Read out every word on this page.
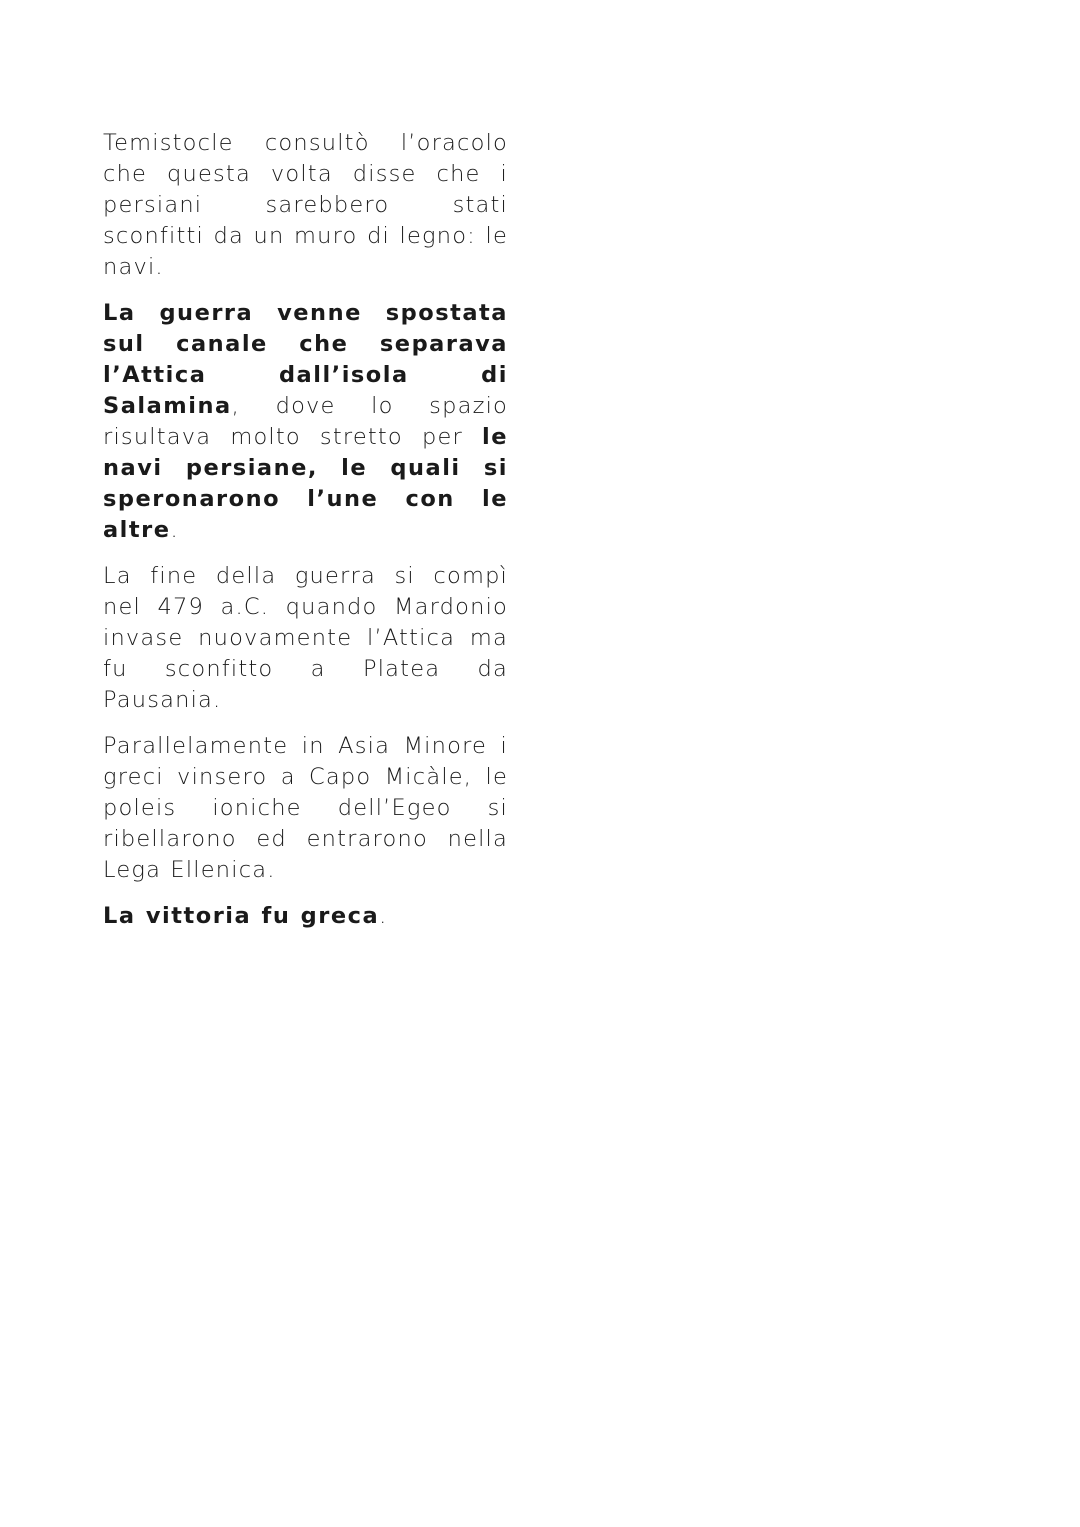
Temistocle consultò l’oracolo che questa volta disse che i persiani sarebbero stati sconfitti da un muro di legno: le navi.

La guerra venne spostata sul canale che separava l’Attica dall’isola di Salamina, dove lo spazio risultava molto stretto per le navi persiane, le quali si speronarono l’une con le altre.

La fine della guerra si compì nel 479 a.C. quando Mardonio invase nuovamente l’Attica ma fu sconfitto a Platea da Pausania.

Parallelamente in Asia Minore i greci vinsero a Capo Micàle, le poleis ioniche dell’Egeo si ribellarono ed entrarono nella Lega Ellenica.

La vittoria fu greca.
